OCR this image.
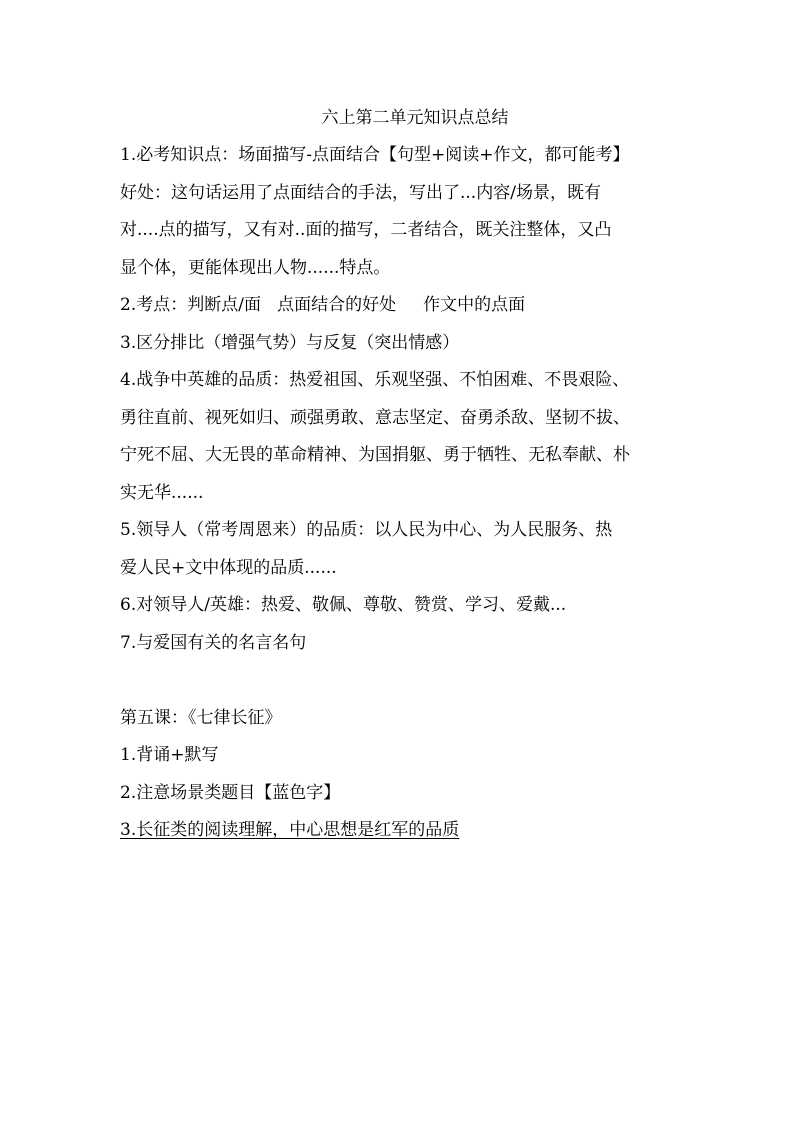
六上第二单元知识点总结

1.必考知识点：场面描写-点面结合【句型+阅读+作文，都可能考】

好处：这句话运用了点面结合的手法，写出了...内容/场景，既有

对....点的描写，又有对..面的描写，二者结合，既关注整体，又凸

显个体，更能体现出人物......特点。

2.考点：判断点/面   点面结合的好处     作文中的点面

3.区分排比（增强气势）与反复（突出情感）

4.战争中英雄的品质：热爱祖国、乐观坚强、不怕困难、不畏艰险、

勇往直前、视死如归、顽强勇敢、意志坚定、奋勇杀敌、坚韧不拔、

宁死不屈、大无畏的革命精神、为国捐躯、勇于牺牲、无私奉献、朴

实无华......

5.领导人（常考周恩来）的品质：以人民为中心、为人民服务、热

爱人民+文中体现的品质......

6.对领导人/英雄：热爱、敬佩、尊敬、赞赏、学习、爱戴...

7.与爱国有关的名言名句

第五课：《七律长征》

1.背诵+默写

2.注意场景类题目【蓝色字】

3.长征类的阅读理解，中心思想是红军的品质
